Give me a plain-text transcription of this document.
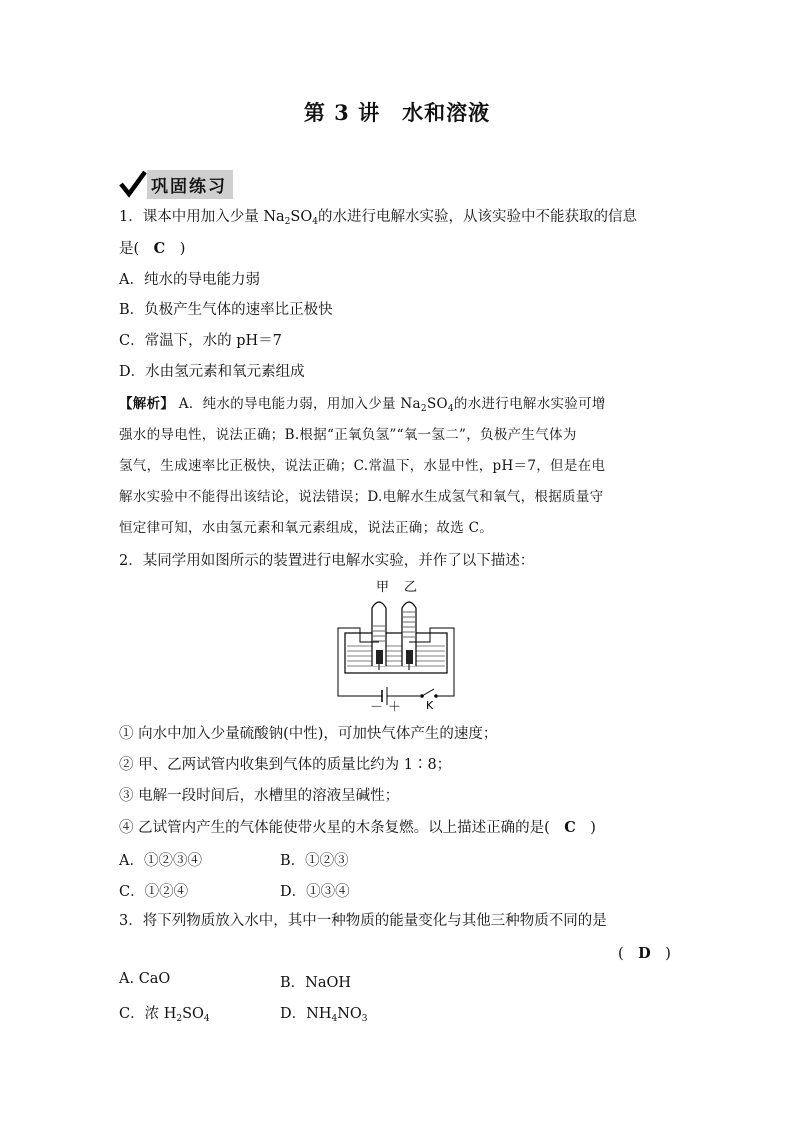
第 3 讲　水和溶液
巩固练习
1．课本中用加入少量 $Na_2SO_4$的水进行电解水实验，从该实验中不能获取的信息
是(　C　)
A．纯水的导电能力弱
B．负极产生气体的速率比正极快
C．常温下，水的 pH＝7
D．水由氢元素和氧元素组成
【解析】 A．纯水的导电能力弱，用加入少量 $Na_2SO_4$的水进行电解水实验可增
强水的导电性，说法正确；B.根据“正氧负氢”“氧一氢二”，负极产生气体为
氢气，生成速率比正极快，说法正确；C.常温下，水显中性，pH＝7，但是在电
解水实验中不能得出该结论，说法错误；D.电解水生成氢气和氧气，根据质量守
恒定律可知，水由氢元素和氧元素组成，说法正确；故选 C。
2．某同学用如图所示的装置进行电解水实验，并作了以下描述：
甲 乙
－ ＋ K
① 向水中加入少量硫酸钠(中性)，可加快气体产生的速度；
② 甲、乙两试管内收集到气体的质量比约为 1∶8；
③ 电解一段时间后，水槽里的溶液呈碱性；
④ 乙试管内产生的气体能使带火星的木条复燃。以上描述正确的是(　C　)
A．①②③④	B．①②③
C．①②④	D．①③④
3．将下列物质放入水中，其中一种物质的能量变化与其他三种物质不同的是
(　D　)
A. CaO	B．NaOH
C．浓 $H_2SO_4$	D．$NH_4NO_3$
